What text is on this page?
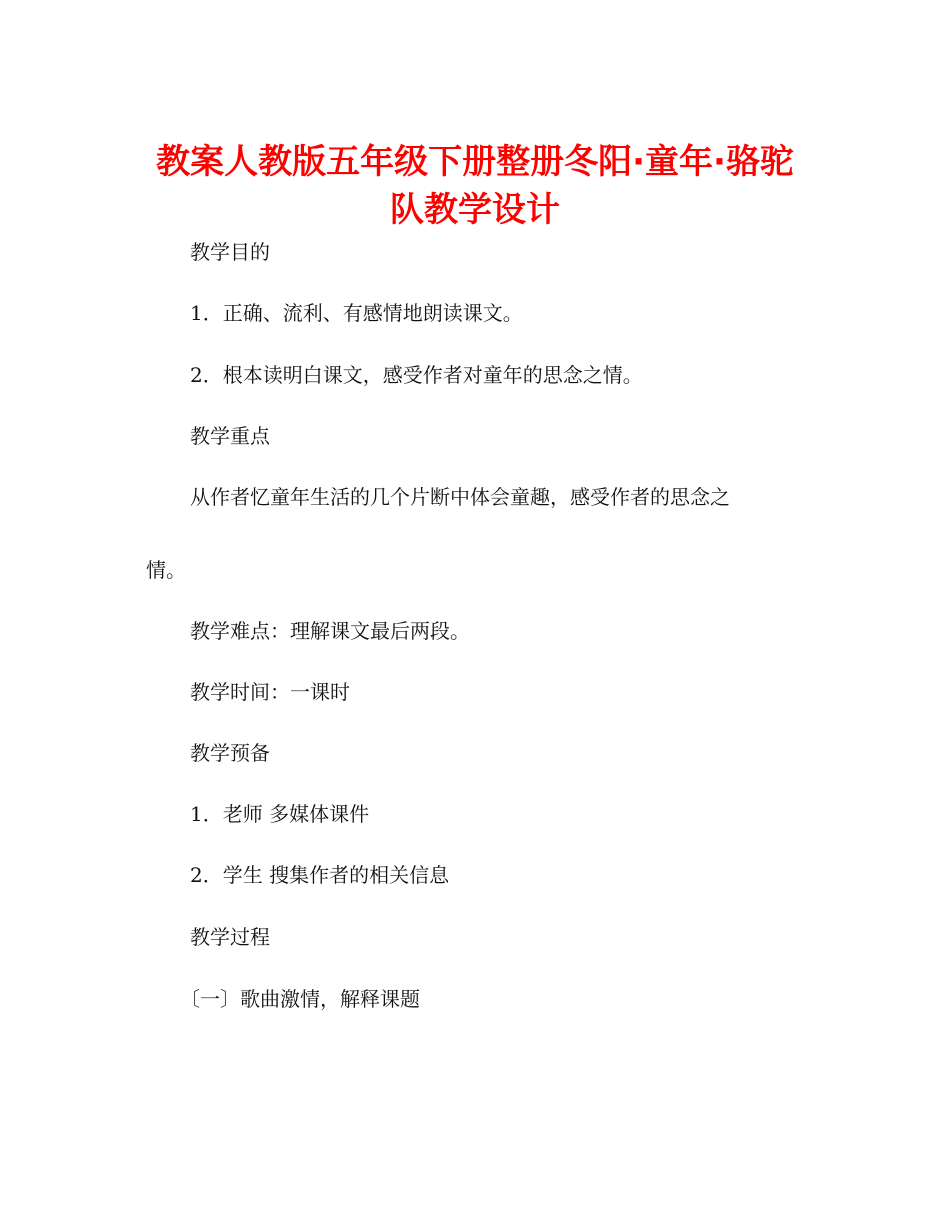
教案人教版五年级下册整册冬阳·童年·骆驼
队教学设计

教学目的

1．正确、流利、有感情地朗读课文。

2．根本读明白课文，感受作者对童年的思念之情。

教学重点

从作者忆童年生活的几个片断中体会童趣，感受作者的思念之

情。

教学难点：理解课文最后两段。

教学时间：一课时

教学预备

1．老师 多媒体课件

2．学生 搜集作者的相关信息

教学过程

〔一〕歌曲激情，解释课题
